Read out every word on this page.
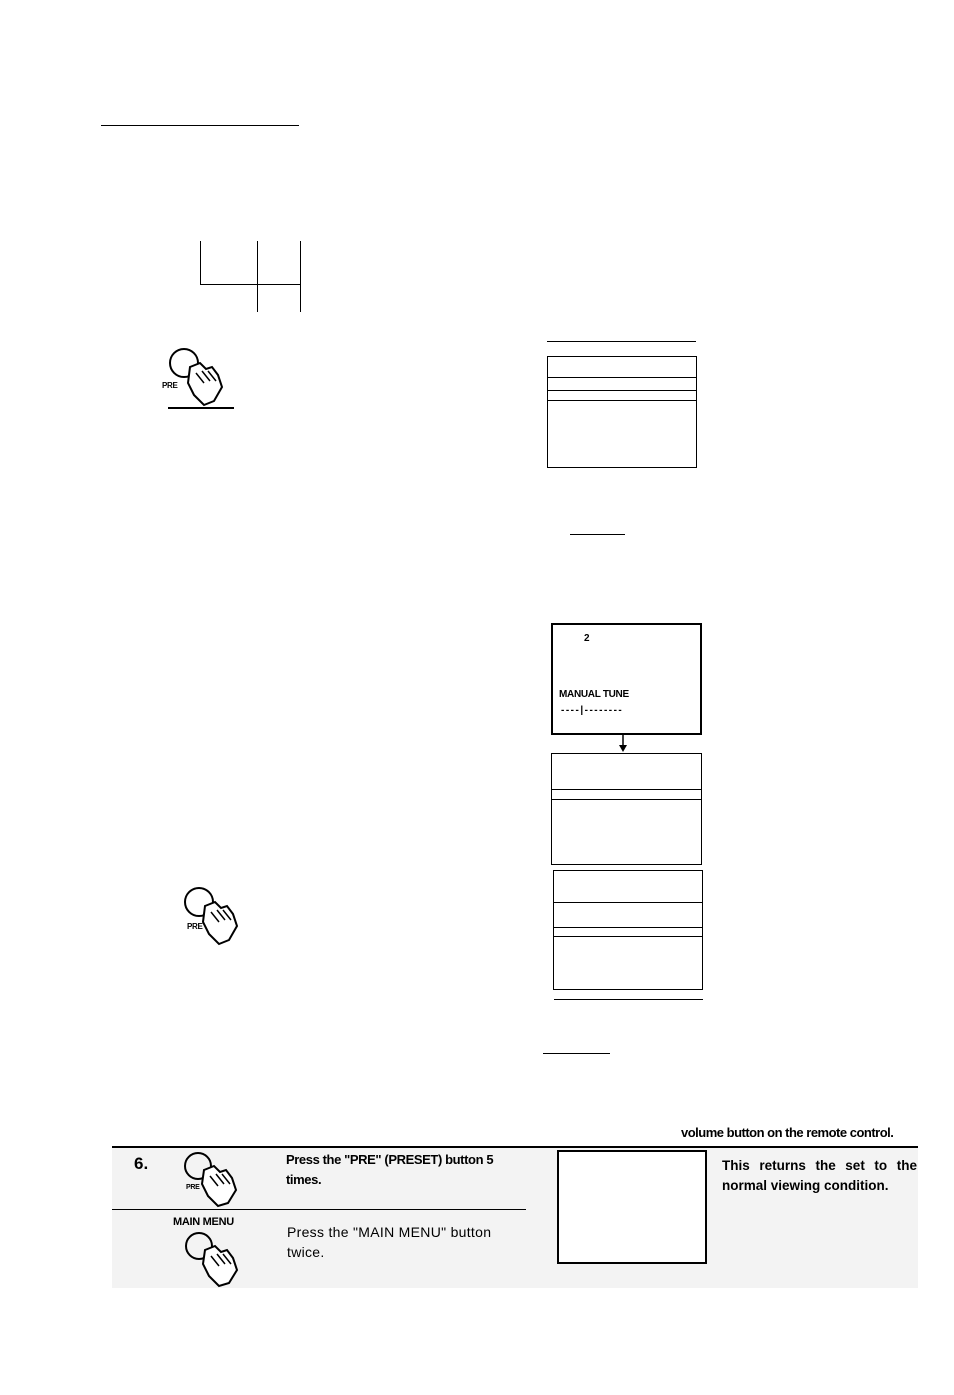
PRE
2
MANUAL TUNE
----|--------
PRE
volume button on the remote control.
6.
PRE
Press the "PRE" (PRESET) button 5 times.
MAIN MENU
Press the "MAIN MENU" button twice.
This returns the set to the normal viewing condition.
